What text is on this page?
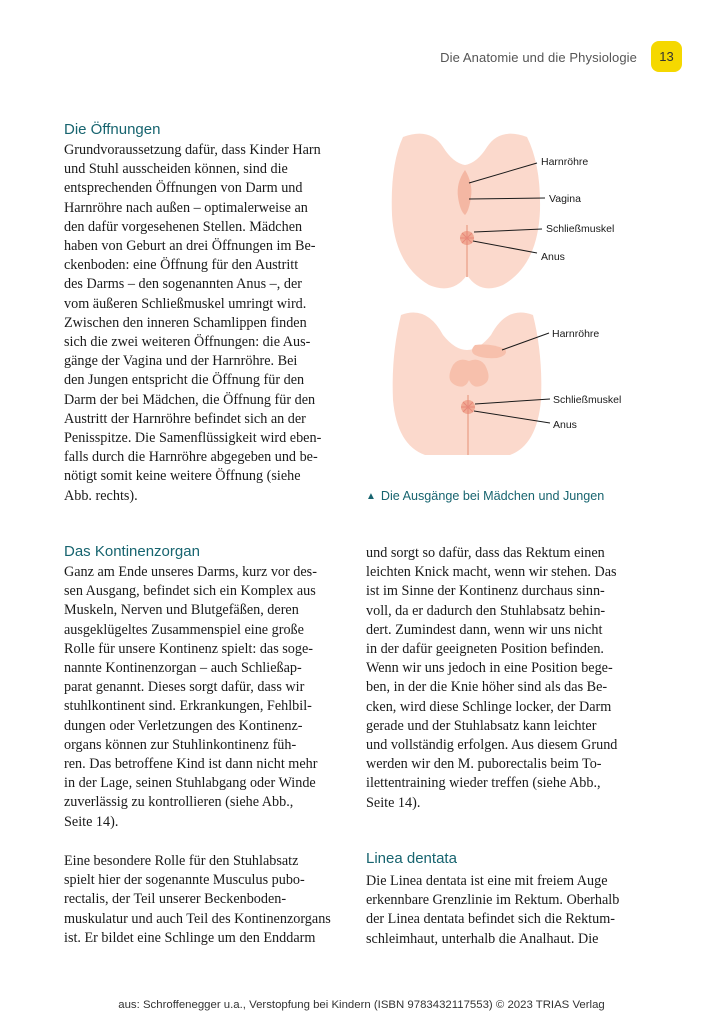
Die Anatomie und die Physiologie	13
Die Öffnungen

Grundvoraussetzung dafür, dass Kinder Harn
und Stuhl ausscheiden können, sind die
entsprechenden Öffnungen von Darm und
Harnröhre nach außen – optimalerweise an
den dafür vorgesehenen Stellen. Mädchen
haben von Geburt an drei Öffnungen im Be-
ckenboden: eine Öffnung für den Austritt
des Darms – den sogenannten Anus –, der
vom äußeren Schließmuskel umringt wird.
Zwischen den inneren Schamlippen finden
sich die zwei weiteren Öffnungen: die Aus-
gänge der Vagina und der Harnröhre. Bei
den Jungen entspricht die Öffnung für den
Darm der bei Mädchen, die Öffnung für den
Austritt der Harnröhre befindet sich an der
Penisspitze. Die Samenflüssigkeit wird eben-
falls durch die Harnröhre abgegeben und be-
nötigt somit keine weitere Öffnung (siehe
Abb. rechts).

Harnröhre
Vagina
Schließmuskel
Anus
Harnröhre
Schließmuskel
Anus
▲ Die Ausgänge bei Mädchen und Jungen
Das Kontinenzorgan

Ganz am Ende unseres Darms, kurz vor des-
sen Ausgang, befindet sich ein Komplex aus
Muskeln, Nerven und Blutgefäßen, deren
ausgeklügeltes Zusammenspiel eine große
Rolle für unsere Kontinenz spielt: das soge-
nannte Kontinenzorgan – auch Schließap-
parat genannt. Dieses sorgt dafür, dass wir
stuhlkontinent sind. Erkrankungen, Fehlbil-
dungen oder Verletzungen des Kontinenz-
organs können zur Stuhlinkontinenz füh-
ren. Das betroffene Kind ist dann nicht mehr
in der Lage, seinen Stuhlabgang oder Winde
zuverlässig zu kontrollieren (siehe Abb.,
Seite 14).

Eine besondere Rolle für den Stuhlabsatz
spielt hier der sogenannte Musculus pubo-
rectalis, der Teil unserer Beckenboden-
muskulatur und auch Teil des Kontinenzorgans
ist. Er bildet eine Schlinge um den Enddarm

und sorgt so dafür, dass das Rektum einen
leichten Knick macht, wenn wir stehen. Das
ist im Sinne der Kontinenz durchaus sinn-
voll, da er dadurch den Stuhlabsatz behin-
dert. Zumindest dann, wenn wir uns nicht
in der dafür geeigneten Position befinden.
Wenn wir uns jedoch in eine Position bege-
ben, in der die Knie höher sind als das Be-
cken, wird diese Schlinge locker, der Darm
gerade und der Stuhlabsatz kann leichter
und vollständig erfolgen. Aus diesem Grund
werden wir den M. puborectalis beim To-
ilettentraining wieder treffen (siehe Abb.,
Seite 14).

Linea dentata

Die Linea dentata ist eine mit freiem Auge
erkennbare Grenzlinie im Rektum. Oberhalb
der Linea dentata befindet sich die Rektum-
schleimhaut, unterhalb die Analhaut. Die

aus: Schroffenegger u.a., Verstopfung bei Kindern (ISBN 9783432117553) © 2023 TRIAS Verlag
